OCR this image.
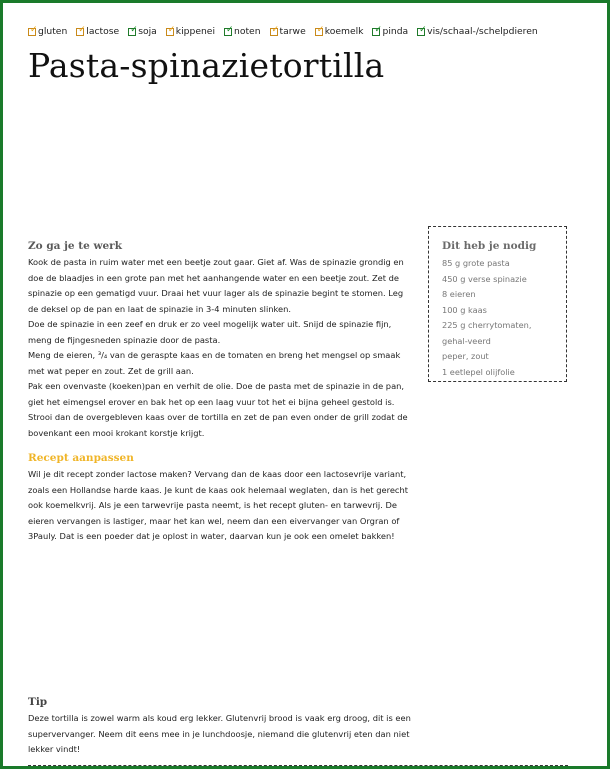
✓ gluten ✓ lactose ✓ soja ✓ kippenei ✓ noten ✓ tarwe ✓ koemelk ✓ pinda ✓ vis/schaal-/schelpdieren
Pasta-spinazietortilla
Zo ga je te werk

Kook de pasta in ruim water met een beetje zout gaar. Giet af. Was de spinazie grondig en doe de blaadjes in een grote pan met het aanhangende water en een beetje zout. Zet de spinazie op een gematigd vuur. Draai het vuur lager als de spinazie begint te stomen. Leg de deksel op de pan en laat de spinazie in 3-4 minuten slinken.

Doe de spinazie in een zeef en druk er zo veel mogelijk water uit. Snijd de spinazie fijn, meng de fijngesneden spinazie door de pasta.

Meng de eieren, ³/₄ van de geraspte kaas en de tomaten en breng het mengsel op smaak met wat peper en zout. Zet de grill aan.

Pak een ovenvaste (koeken)pan en verhit de olie. Doe de pasta met de spinazie in de pan, giet het eimengsel erover en bak het op een laag vuur tot het ei bijna geheel gestold is. Strooi dan de overgebleven kaas over de tortilla en zet de pan even onder de grill zodat de bovenkant een mooi krokant korstje krijgt.

Recept aanpassen

Wil je dit recept zonder lactose maken? Vervang dan de kaas door een lactosevrije variant, zoals een Hollandse harde kaas. Je kunt de kaas ook helemaal weglaten, dan is het gerecht ook koemelkvrij. Als je een tarwevrije pasta neemt, is het recept gluten- en tarwevrij. De eieren vervangen is lastiger, maar het kan wel, neem dan een eivervanger van Orgran of 3Pauly. Dat is een poeder dat je oplost in water, daarvan kun je ook een omelet bakken!

Dit heb je nodig
85 g grote pasta
450 g verse spinazie
8 eieren
100 g kaas
225 g cherrytomaten, gehal-veerd
peper, zout
1 eetlepel olijfolie
Tip

Deze tortilla is zowel warm als koud erg lekker. Glutenvrij brood is vaak erg droog, dit is een supervervanger. Neem dit eens mee in je lunchdoosje, niemand die glutenvrij eten dan niet lekker vindt!
